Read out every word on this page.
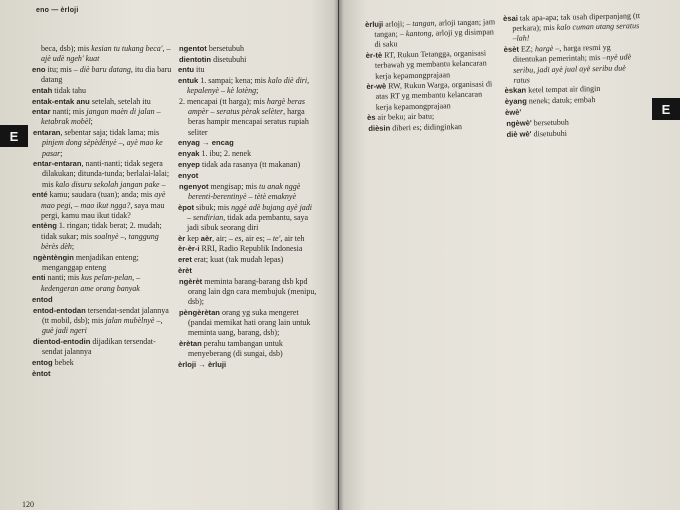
eno — èrloji
beca, dsb); mis kesian tu tukang beca', – ajè udè ngeh' kuat
eno itu; mis – diè baru datang, itu dia baru datang
entah tidak tahu
entak-entak anu setelah, setelah itu
entar nanti; mis jangan maèn di jalan – ketabrak mobèl;
entaran, sebentar saja; tidak lama; mis pinjem dong sèpèdènyè –, ayè mao ke pasar;
entar-entaran, nanti-nanti; tidak segera dilakukan; ditunda-tunda; berlalai-lalai; mis kalo disuru sekolah jangan pake –
enté kamu; saudara (tuan); anda; mis ayè mao pegi, – mao ikut ngga?, saya mau pergi, kamu mau ikut tidak?
entèng 1. ringan; tidak berat; 2. mudah; tidak sukar; mis soalnyè –, tanggung bèrès dèh;
ngèntèngin menjadikan enteng; menganggap enteng
enti nanti; mis kus pelan-pelan, –kedengeran ame orang banyak
entod
entod-entodan tersendat-sendat jalannya (tt mobil, dsb); mis jalan mubèlnyè –, guè jadi ngeri
dientod-entodin dijadikan tersendat-sendat jalannya
entog bebek
èntot
ngentot bersetubuh
dientotin disetubuhi
entu itu
entuk 1. sampai; kena; mis kalo diè diri, kepalenyè – kè lotèng;
2. mencapai (tt harga); mis hargè beras ampèr – seratus pèrak selèter, harga beras hampir mencapai seratus rupiah seliter
enyag → encag
enyak 1. ibu; 2. nenek
enyep tidak ada rasanya (tt makanan)
enyot
ngenyot mengisap; mis tu anak nggè berenti-berentinyè – tètè emaknyè
èpot sibuk; mis nggè adè bujang ayè jadi – sendirian, tidak ada pembantu, saya jadi sibuk seorang diri
èr kep aèr, air; – es, air es; – te', air teh
èr-èr-i RRI, Radio Republik Indonesia
eret erat; kuat (tak mudah lepas)
èrèt
ngèrèt meminta barang-barang dsb kpd orang lain dgn cara membujuk (menipu, dsb);
pèngèrètan orang yg suka mengeret (pandai memikat hati orang lain untuk meminta uang, barang, dsb);
èrètan perahu tambangan untuk menyeberang (di sungai, dsb)
èrloji → èrluji
E
120
èrluji arloji; – tangan, arloji tangan; jam tangan; – kantong, arloji yg disimpan di saku
èr-tè RT, Rukun Tetangga, organisasi terbawah yg membantu kelancaran kerja kepamongprajaan
èr-wè RW, Rukun Warga, organisasi di atas RT yg membantu kelancaran kerja kepamongprajaan
ès air beku; air batu;
dièsin diberi es; didinginkan
èsai tak apa-apa; tak usah diperpanjang (tt perkara); mis kalo cuman utang seratus –lah!
èsèt EZ; hargè –, harga resmi yg ditentukan pemerintah; mis –nyè udè seribu, jadi ayè jual ayè seribu duè ratus
èskan ketel tempat air dingin
èyang nenek; datuk; embah
èwè'
ngèwè' bersetubuh
diè wè' disetubuhi
E
